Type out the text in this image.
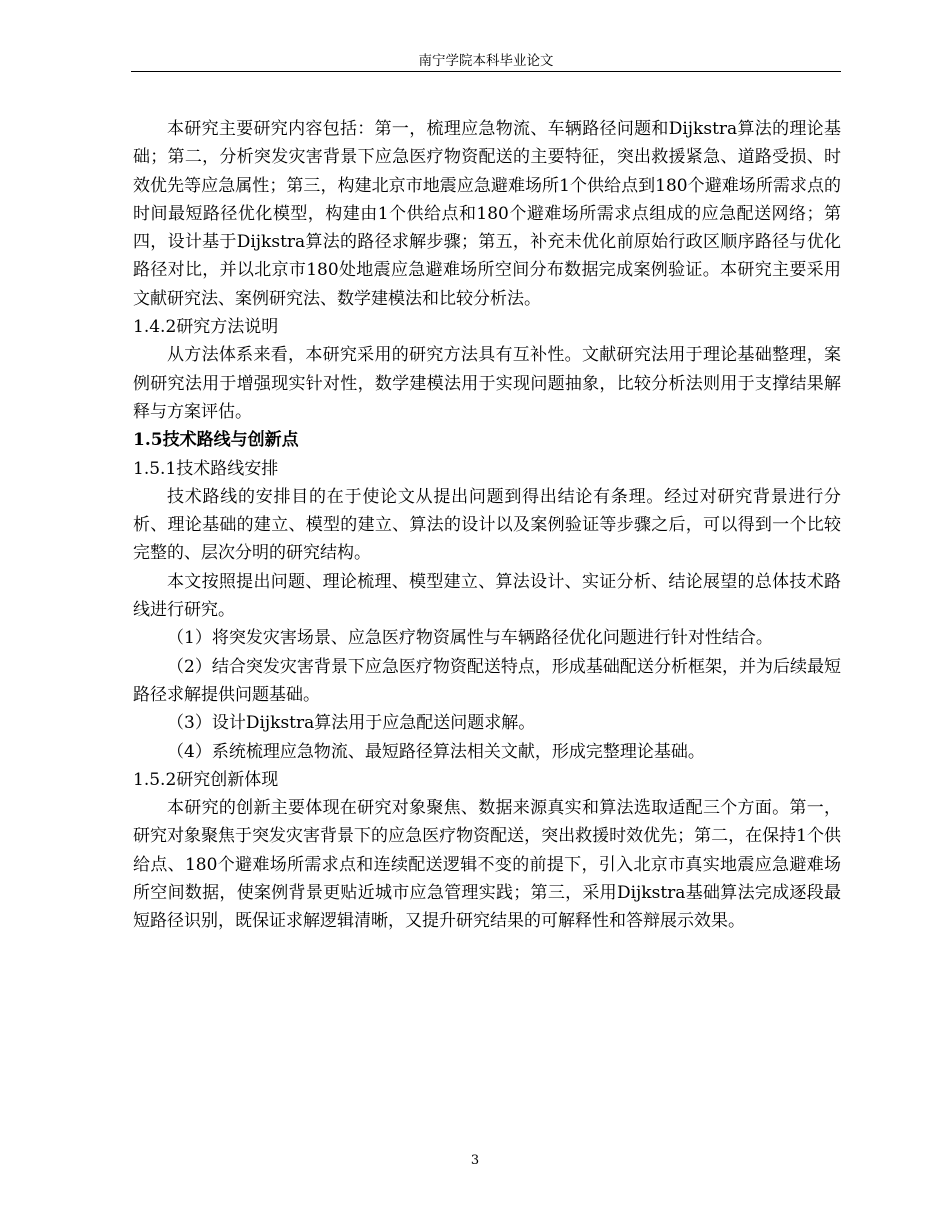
南宁学院本科毕业论文

本研究主要研究内容包括：第一，梳理应急物流、车辆路径问题和Dijkstra算法的理论基础；第二，分析突发灾害背景下应急医疗物资配送的主要特征，突出救援紧急、道路受损、时效优先等应急属性；第三，构建北京市地震应急避难场所1个供给点到180个避难场所需求点的时间最短路径优化模型，构建由1个供给点和180个避难场所需求点组成的应急配送网络；第四，设计基于Dijkstra算法的路径求解步骤；第五，补充未优化前原始行政区顺序路径与优化路径对比，并以北京市180处地震应急避难场所空间分布数据完成案例验证。本研究主要采用文献研究法、案例研究法、数学建模法和比较分析法。

1.4.2研究方法说明

从方法体系来看，本研究采用的研究方法具有互补性。文献研究法用于理论基础整理，案例研究法用于增强现实针对性，数学建模法用于实现问题抽象，比较分析法则用于支撑结果解释与方案评估。

1.5技术路线与创新点

1.5.1技术路线安排

技术路线的安排目的在于使论文从提出问题到得出结论有条理。经过对研究背景进行分析、理论基础的建立、模型的建立、算法的设计以及案例验证等步骤之后，可以得到一个比较完整的、层次分明的研究结构。

本文按照提出问题、理论梳理、模型建立、算法设计、实证分析、结论展望的总体技术路线进行研究。

（1）将突发灾害场景、应急医疗物资属性与车辆路径优化问题进行针对性结合。

（2）结合突发灾害背景下应急医疗物资配送特点，形成基础配送分析框架，并为后续最短路径求解提供问题基础。

（3）设计Dijkstra算法用于应急配送问题求解。

（4）系统梳理应急物流、最短路径算法相关文献，形成完整理论基础。

1.5.2研究创新体现

本研究的创新主要体现在研究对象聚焦、数据来源真实和算法选取适配三个方面。第一，研究对象聚焦于突发灾害背景下的应急医疗物资配送，突出救援时效优先；第二，在保持1个供给点、180个避难场所需求点和连续配送逻辑不变的前提下，引入北京市真实地震应急避难场所空间数据，使案例背景更贴近城市应急管理实践；第三，采用Dijkstra基础算法完成逐段最短路径识别，既保证求解逻辑清晰，又提升研究结果的可解释性和答辩展示效果。

3
